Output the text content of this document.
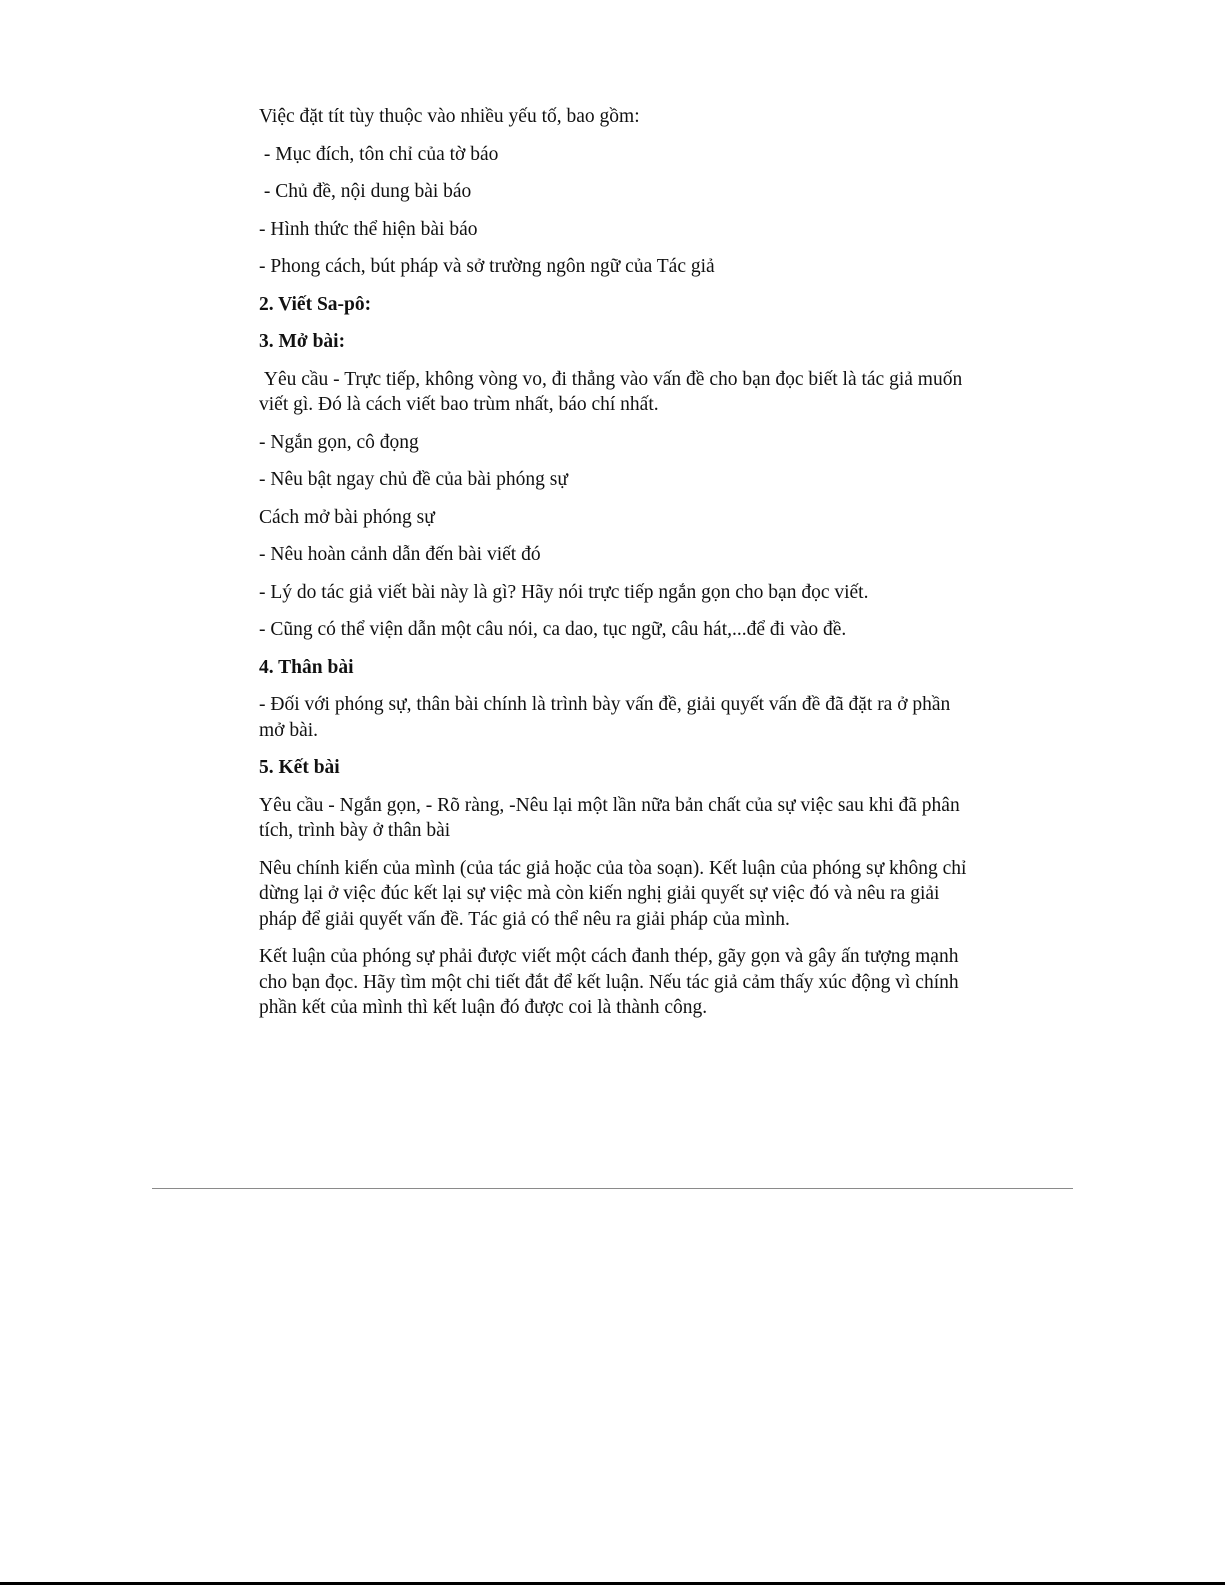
Việc đặt tít tùy thuộc vào nhiều yếu tố, bao gồm:

- Mục đích, tôn chỉ của tờ báo

- Chủ đề, nội dung bài báo

- Hình thức thể hiện bài báo

- Phong cách, bút pháp và sở trường ngôn ngữ của Tác giả

2. Viết Sa-pô:

3. Mở bài:

Yêu cầu - Trực tiếp, không vòng vo, đi thẳng vào vấn đề cho bạn đọc biết là tác giả muốn viết gì. Đó là cách viết bao trùm nhất, báo chí nhất.

- Ngắn gọn, cô đọng

- Nêu bật ngay chủ đề của bài phóng sự

Cách mở bài phóng sự

- Nêu hoàn cảnh dẫn đến bài viết đó

- Lý do tác giả viết bài này là gì? Hãy nói trực tiếp ngắn gọn cho bạn đọc viết.

- Cũng có thể viện dẫn một câu nói, ca dao, tục ngữ, câu hát,...để đi vào đề.

4. Thân bài

- Đối với phóng sự, thân bài chính là trình bày vấn đề, giải quyết vấn đề đã đặt ra ở phần mở bài.

5. Kết bài

Yêu cầu - Ngắn gọn, - Rõ ràng, -Nêu lại một lần nữa bản chất của sự việc sau khi đã phân tích, trình bày ở thân bài

Nêu chính kiến của mình (của tác giả hoặc của tòa soạn). Kết luận của phóng sự không chỉ dừng lại ở việc đúc kết lại sự việc mà còn kiến nghị giải quyết sự việc đó và nêu ra giải pháp để giải quyết vấn đề. Tác giả có thể nêu ra giải pháp của mình.

Kết luận của phóng sự phải được viết một cách đanh thép, gãy gọn và gây ấn tượng mạnh cho bạn đọc. Hãy tìm một chi tiết đắt để kết luận. Nếu tác giả cảm thấy xúc động vì chính phần kết của mình thì kết luận đó được coi là thành công.
